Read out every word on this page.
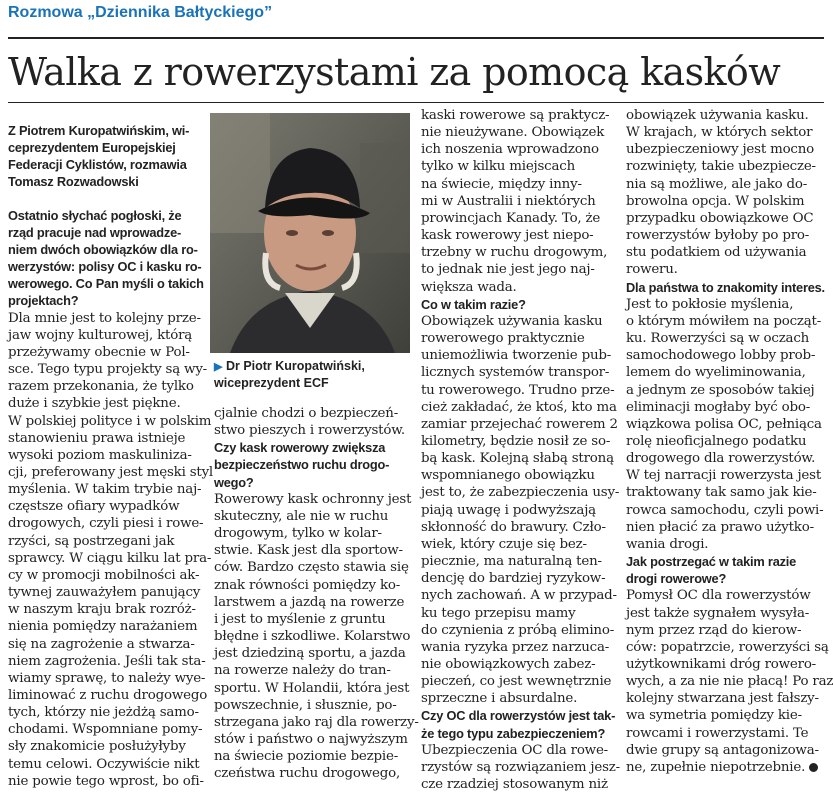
Rozmowa „Dziennika Bałtyckiego”
Walka z rowerzystami za pomocą kasków
Z Piotrem Kuropatwińskim, wi-
ceprezydentem Europejskiej
Federacji Cyklistów, rozmawia
Tomasz Rozwadowski
Ostatnio słychać pogłoski, że
rząd pracuje nad wprowadze-
niem dwóch obowiązków dla ro-
werzystów: polisy OC i kasku ro-
werowego. Co Pan myśli o takich
projektach?
Dla mnie jest to kolejny prze-
jaw wojny kulturowej, którą
przeżywamy obecnie w Pol-
sce. Tego typu projekty są wy-
razem przekonania, że tylko
duże i szybkie jest piękne.
W polskiej polityce i w polskim
stanowieniu prawa istnieje
wysoki poziom maskuliniza-
cji, preferowany jest męski styl
myślenia. W takim trybie naj-
częstsze ofiary wypadków
drogowych, czyli piesi i rowe-
rzyści, są postrzegani jak
sprawcy. W ciągu kilku lat pra-
cy w promocji mobilności ak-
tywnej zauważyłem panujący
w naszym kraju brak rozróż-
nienia pomiędzy narażaniem
się na zagrożenie a stwarza-
niem zagrożenia. Jeśli tak sta-
wiamy sprawę, to należy wye-
liminować z ruchu drogowego
tych, którzy nie jeżdżą samo-
chodami. Wspomniane pomy-
sły znakomicie posłużyłyby
temu celowi. Oczywiście nikt
nie powie tego wprost, bo ofi-
▶ Dr Piotr Kuropatwiński,
wiceprezydent ECF
cjalnie chodzi o bezpieczeń-
stwo pieszych i rowerzystów.
Czy kask rowerowy zwiększa
bezpieczeństwo ruchu drogo-
wego?
Rowerowy kask ochronny jest
skuteczny, ale nie w ruchu
drogowym, tylko w kolar-
stwie. Kask jest dla sportow-
ców. Bardzo często stawia się
znak równości pomiędzy ko-
larstwem a jazdą na rowerze
i jest to myślenie z gruntu
błędne i szkodliwe. Kolarstwo
jest dziedziną sportu, a jazda
na rowerze należy do tran-
sportu. W Holandii, która jest
powszechnie, i słusznie, po-
strzegana jako raj dla rowerzy-
stów i państwo o najwyższym
na świecie poziomie bezpie-
czeństwa ruchu drogowego,
kaski rowerowe są praktycz-
nie nieużywane. Obowiązek
ich noszenia wprowadzono
tylko w kilku miejscach
na świecie, między inny-
mi w Australii i niektórych
prowincjach Kanady. To, że
kask rowerowy jest niepo-
trzebny w ruchu drogowym,
to jednak nie jest jego naj-
większa wada.
Co w takim razie?
Obowiązek używania kasku
rowerowego praktycznie
uniemożliwia tworzenie pub-
licznych systemów transpor-
tu rowerowego. Trudno prze-
cież zakładać, że ktoś, kto ma
zamiar przejechać rowerem 2
kilometry, będzie nosił ze so-
bą kask. Kolejną słabą stroną
wspomnianego obowiązku
jest to, że zabezpieczenia usy-
piają uwagę i podwyższają
skłonność do brawury. Czło-
wiek, który czuje się bez-
piecznie, ma naturalną ten-
dencję do bardziej ryzykow-
nych zachowań. A w przypad-
ku tego przepisu mamy
do czynienia z próbą elimino-
wania ryzyka przez narzuca-
nie obowiązkowych zabez-
pieczeń, co jest wewnętrznie
sprzeczne i absurdalne.
Czy OC dla rowerzystów jest tak-
że tego typu zabezpieczeniem?
Ubezpieczenia OC dla rowe-
rzystów są rozwiązaniem jesz-
cze rzadziej stosowanym niż
obowiązek używania kasku.
W krajach, w których sektor
ubezpieczeniowy jest mocno
rozwinięty, takie ubezpiecze-
nia są możliwe, ale jako do-
browolna opcja. W polskim
przypadku obowiązkowe OC
rowerzystów byłoby po pro-
stu podatkiem od używania
roweru.
Dla państwa to znakomity interes.
Jest to pokłosie myślenia,
o którym mówiłem na począt-
ku. Rowerzyści są w oczach
samochodowego lobby prob-
lemem do wyeliminowania,
a jednym ze sposobów takiej
eliminacji mogłaby być obo-
wiązkowa polisa OC, pełniąca
rolę nieoficjalnego podatku
drogowego dla rowerzystów.
W tej narracji rowerzysta jest
traktowany tak samo jak kie-
rowca samochodu, czyli powi-
nien płacić za prawo użytko-
wania drogi.
Jak postrzegać w takim razie
drogi rowerowe?
Pomysł OC dla rowerzystów
jest także sygnałem wysyła-
nym przez rząd do kierow-
ców: popatrzcie, rowerzyści są
użytkownikami dróg rowero-
wych, a za nie nie płacą! Po raz
kolejny stwarzana jest fałszy-
wa symetria pomiędzy kie-
rowcami i rowerzystami. Te
dwie grupy są antagonizowa-
ne, zupełnie niepotrzebnie.
